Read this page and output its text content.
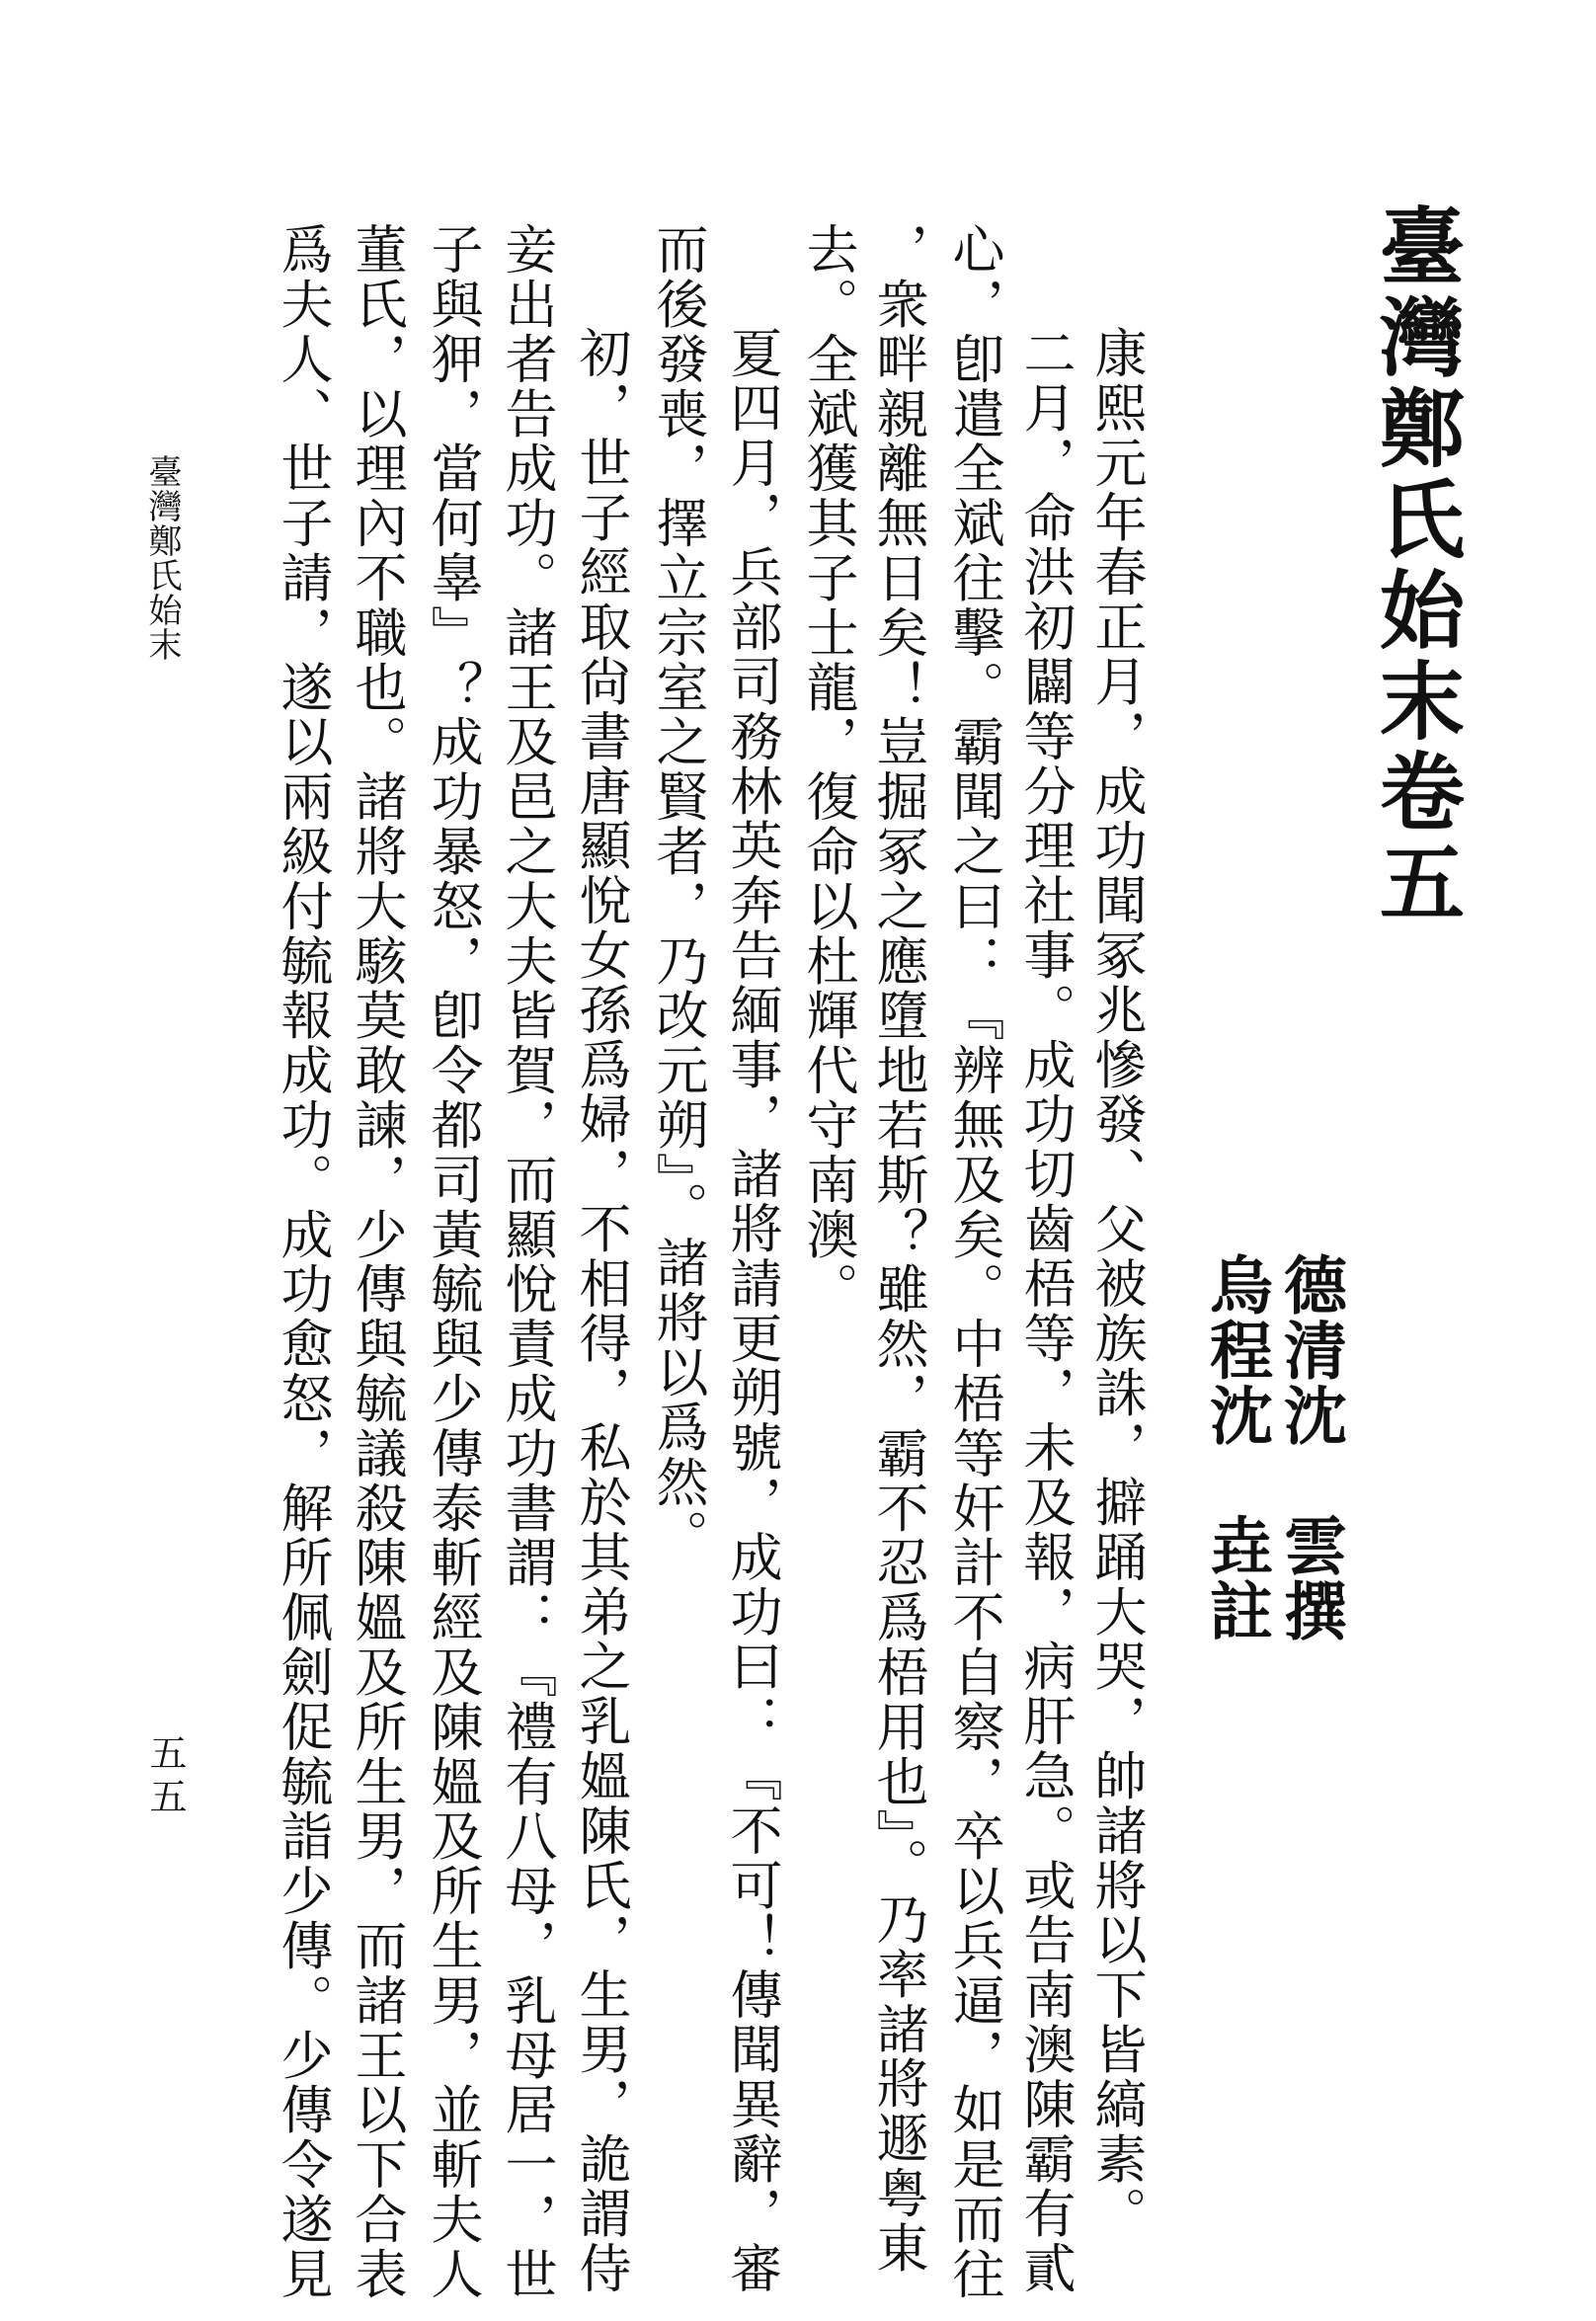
臺灣鄭氏始末卷五
德清沈　雲撰
烏程沈　垚註
康熙元年春正月，成功聞冢兆慘發、父被族誅，擗踊大哭，帥諸將以下皆縞素。
二月，命洪初闢等分理社事。成功切齒梧等，未及報，病肝急。或告南澳陳霸有貳
心，卽遣全斌往擊。霸聞之曰：『辨無及矣。中梧等奸計不自察，卒以兵逼，如是而往
，衆畔親離無日矣！豈掘冢之應墮地若斯？雖然，霸不忍爲梧用也』。乃率諸將遯粤東
去。全斌獲其子士龍，復命以杜輝代守南澳。
夏四月，兵部司務林英奔告緬事，諸將請更朔號，成功曰：『不可！傳聞異辭，審
而後發喪，擇立宗室之賢者，乃改元朔』。諸將以爲然。
初，世子經取尙書唐顯悅女孫爲婦，不相得，私於其弟之乳媼陳氏，生男，詭謂侍
妾出者告成功。諸王及邑之大夫皆賀，而顯悅責成功書謂：『禮有八母，乳母居一，世
子與狎，當何辠』？成功暴怒，卽令都司黃毓與少傳泰斬經及陳媼及所生男，並斬夫人
董氏，以理內不職也。諸將大駭莫敢諫，少傳與毓議殺陳媼及所生男，而諸王以下合表
爲夫人、世子請，遂以兩級付毓報成功。成功愈怒，解所佩劍促毓詣少傳。少傳令遂見
臺灣鄭氏始末
五五
